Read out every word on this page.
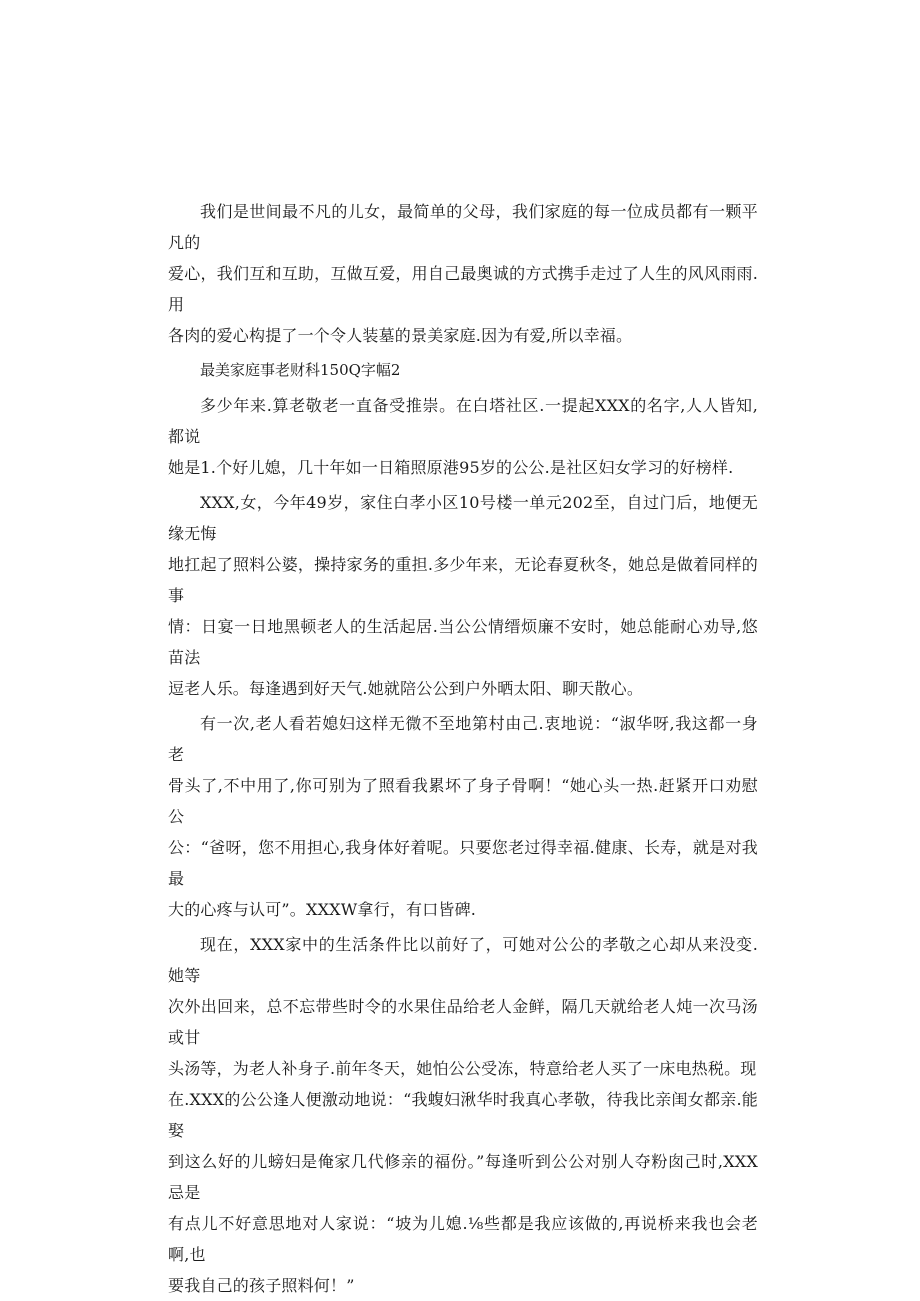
我们是世间最不凡的儿女，最简单的父母，我们家庭的每一位成员都有一颗平凡的
爱心，我们互和互助，互做互爱，用自己最奥诚的方式携手走过了人生的风风雨雨.用
各肉的爱心构提了一个令人装墓的景美家庭.因为有爱,所以幸福。

最美家庭事老财科150Q字幅2

多少年来.算老敬老一直备受推崇。在白塔社区.一提起XXX的名字,人人皆知,都说
她是1.个好儿媳，几十年如一日箱照原港95岁的公公.是社区妇女学习的好榜样.

XXX,女，今年49岁，家住白孝小区10号楼一单元202至，自过门后，地便无缘无悔
地扛起了照料公婆，操持家务的重担.多少年来，无论春夏秋冬，她总是做着同样的事
情：日宴一日地黑顿老人的生活起居.当公公情缙烦廉不安时，她总能耐心劝导,悠苗法
逗老人乐。每逢遇到好天气.她就陪公公到户外晒太阳、聊天散心。

有一次,老人看若媳妇这样无微不至地第村由己.衷地说：“淑华呀,我这都一身老
骨头了,不中用了,你可别为了照看我累坏了身子骨啊！“她心头一热.赶紧开口劝慰公
公：“爸呀，您不用担心,我身体好着呢。只要您老过得幸福.健康、长寿，就是对我最
大的心疼与认可”。XXXW拿行，有口皆碑.

现在，XXX家中的生活条件比以前好了，可她对公公的孝敬之心却从来没变.她等
次外出回来，总不忘带些时令的水果住品给老人金鲜，隔几天就给老人炖一次马汤或甘
头汤等，为老人补身子.前年冬天，她怕公公受冻，特意给老人买了一床电热税。现
在.XXX的公公逢人便激动地说：“我蝮妇湫华时我真心孝敬，待我比亲闺女都亲.能娶
到这么好的儿螃妇是俺家几代修亲的福份。”每逢听到公公对别人夺粉囱己时,XXX忌是
有点儿不好意思地对人家说：“坡为儿媳.⅛些都是我应该做的,再说桥来我也会老啊,也
要我自己的孩子照料何！”
